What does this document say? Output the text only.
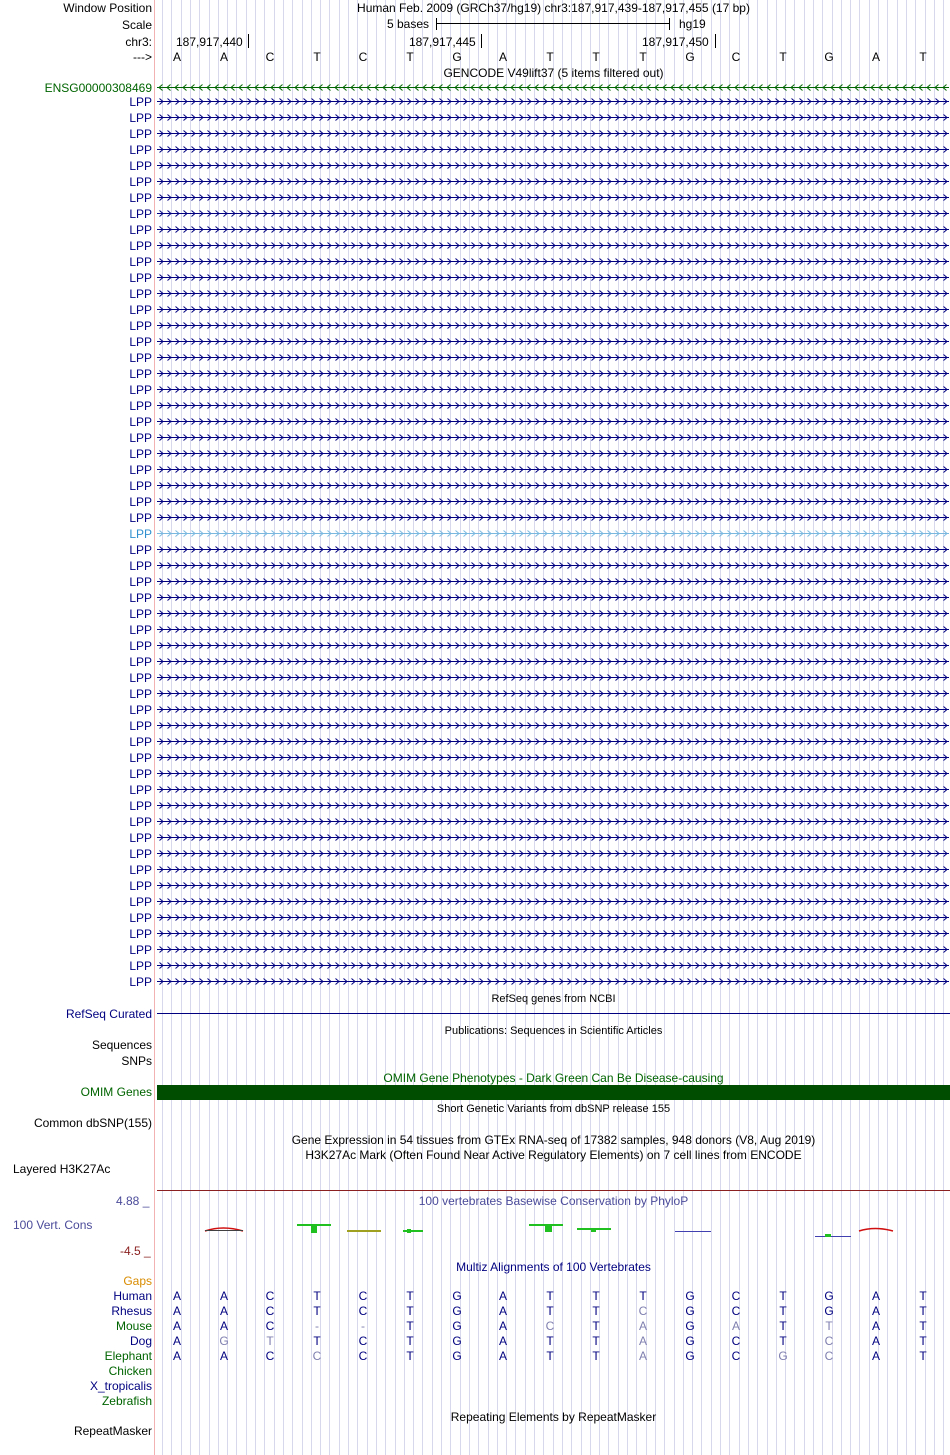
Window Position	Human Feb. 2009 (GRCh37/hg19) chr3:187,917,439-187,917,455 (17 bp)
Scale	5 bases	hg19
chr3: 187,917,440	187,917,445	187,917,450
--->	A	A	C	T	C	T	G	A	T	T	T	G	C	T	G	A	T
GENCODE V49lift37 (5 items filtered out)
ENSG00000308469
LPP
LPP
LPP
LPP
LPP
LPP
LPP
LPP
LPP
LPP
LPP
LPP
LPP
LPP
LPP
LPP
LPP
LPP
LPP
LPP
LPP
LPP
LPP
LPP
LPP
LPP
LPP
LPP
LPP
LPP
LPP
LPP
LPP
LPP
LPP
LPP
LPP
LPP
LPP
LPP
LPP
LPP
LPP
LPP
LPP
LPP
LPP
LPP
LPP
LPP
LPP
LPP
LPP
LPP
LPP
LPP
RefSeq genes from NCBI
RefSeq Curated
Publications: Sequences in Scientific Articles
Sequences
SNPs
OMIM Gene Phenotypes - Dark Green Can Be Disease-causing
OMIM Genes
Short Genetic Variants from dbSNP release 155
Common dbSNP(155)
Gene Expression in 54 tissues from GTEx RNA-seq of 17382 samples, 948 donors (V8, Aug 2019)
H3K27Ac Mark (Often Found Near Active Regulatory Elements) on 7 cell lines from ENCODE
Layered H3K27Ac
100 vertebrates Basewise Conservation by PhyloP
4.88 _
100 Vert. Cons
-4.5 _
Multiz Alignments of 100 Vertebrates
Gaps
Human	A	A	C	T	C	T	G	A	T	T	T	G	C	T	G	A	T
Rhesus	A	A	C	T	C	T	G	A	T	T	C	G	C	T	G	A	T
Mouse	A	A	C	-	-	T	G	A	C	T	A	G	A	T	T	A	T
Dog	A	G	T	T	C	T	G	A	T	T	A	G	C	T	C	A	T
Elephant	A	A	C	C	C	T	G	A	T	T	A	G	C	G	C	A	T
Chicken
X_tropicalis
Zebrafish
Repeating Elements by RepeatMasker
RepeatMasker
